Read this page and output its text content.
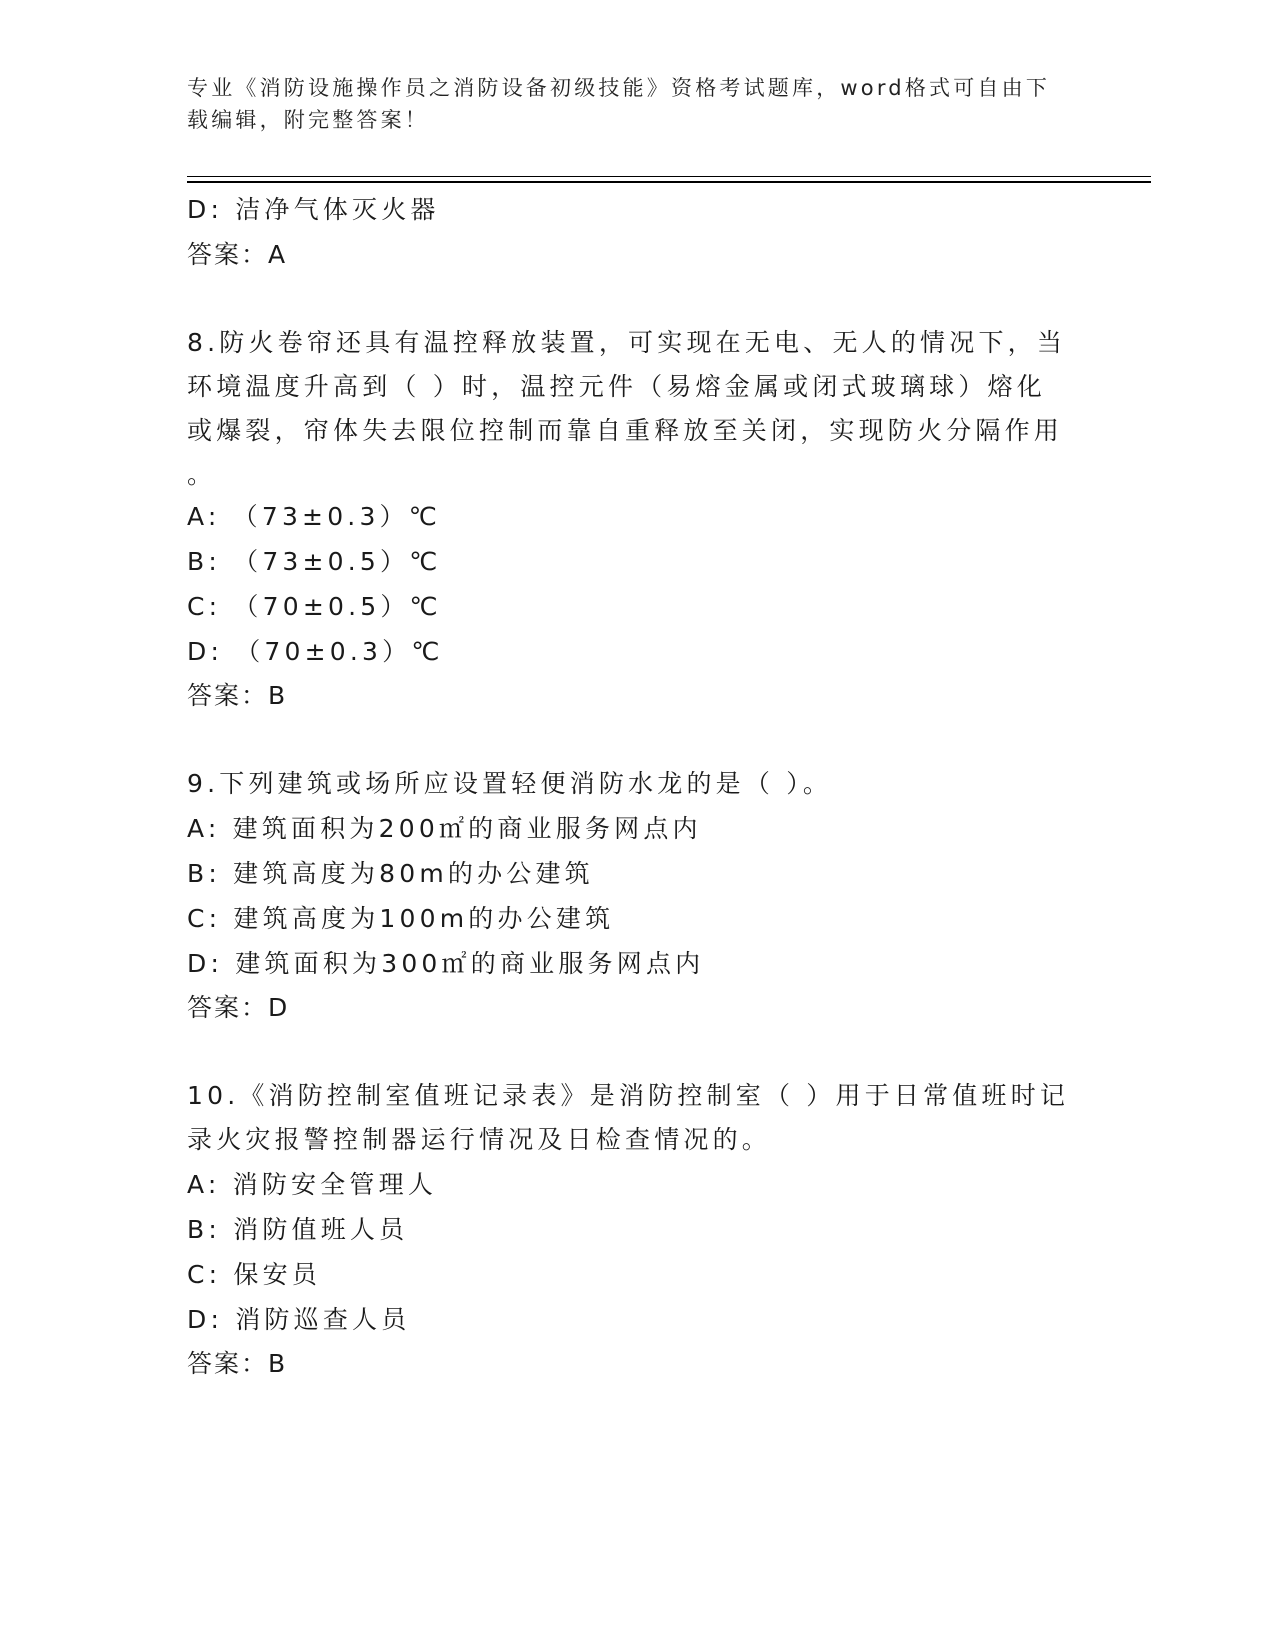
专业《消防设施操作员之消防设备初级技能》资格考试题库，word格式可自由下
载编辑，附完整答案！
D: 洁净气体灭火器
答案：A
8.防火卷帘还具有温控释放装置，可实现在无电、无人的情况下，当
环境温度升高到（ ）时，温控元件（易熔金属或闭式玻璃球）熔化
或爆裂，帘体失去限位控制而靠自重释放至关闭，实现防火分隔作用
。
A: （73±0.3）℃
B: （73±0.5）℃
C: （70±0.5）℃
D: （70±0.3）℃
答案：B
9.下列建筑或场所应设置轻便消防水龙的是（ ）。
A: 建筑面积为200㎡的商业服务网点内
B: 建筑高度为80m的办公建筑
C: 建筑高度为100m的办公建筑
D: 建筑面积为300㎡的商业服务网点内
答案：D
10.《消防控制室值班记录表》是消防控制室（ ）用于日常值班时记
录火灾报警控制器运行情况及日检查情况的。
A: 消防安全管理人
B: 消防值班人员
C: 保安员
D: 消防巡查人员
答案：B
